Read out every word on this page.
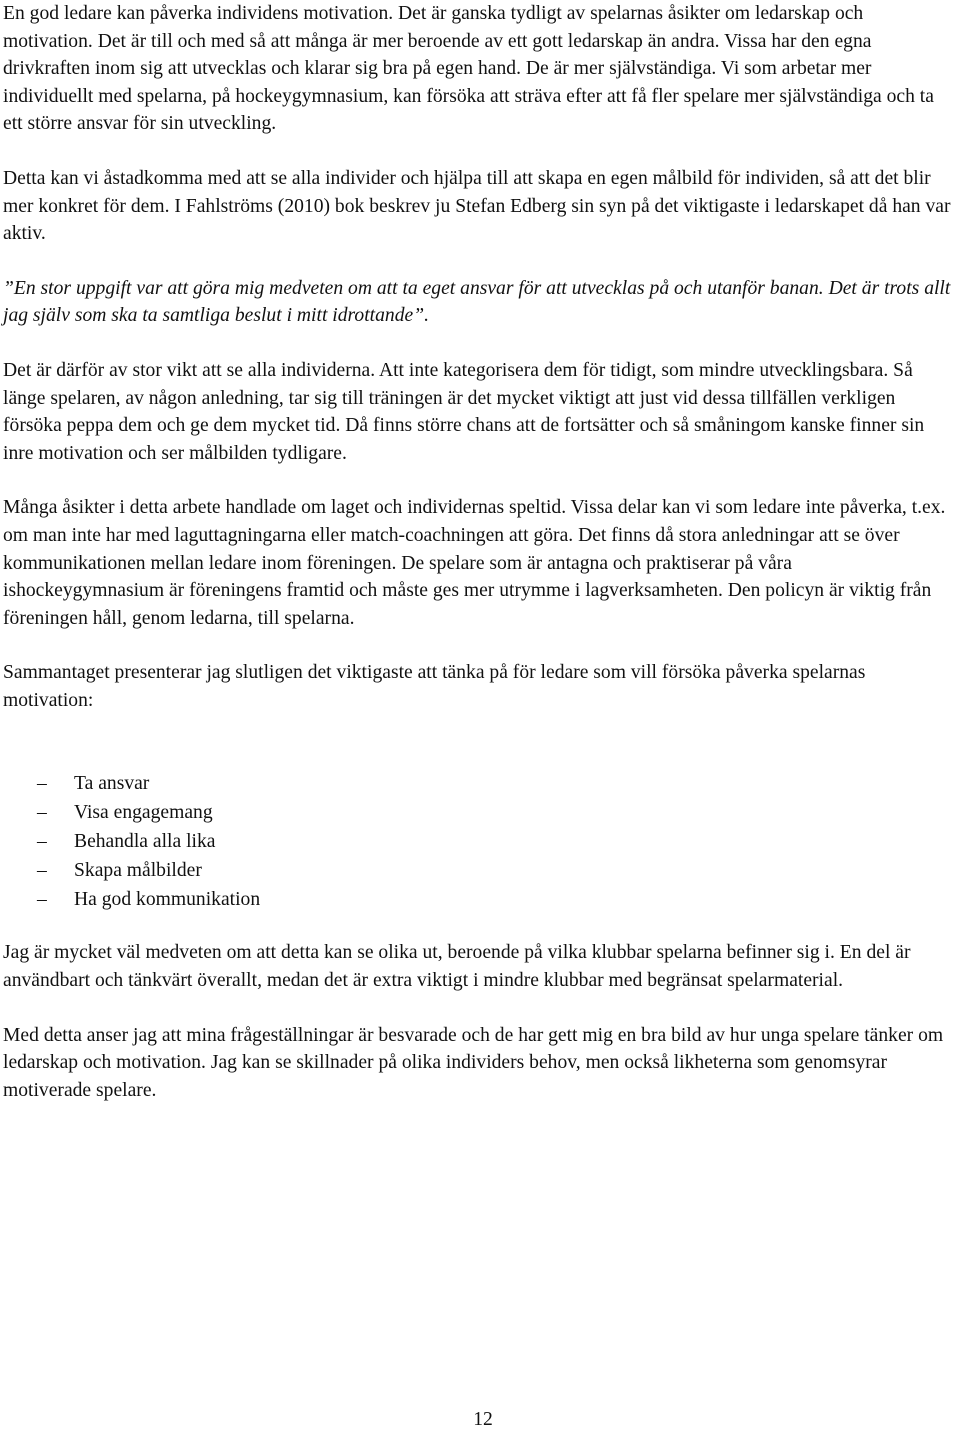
En god ledare kan påverka individens motivation. Det är ganska tydligt av spelarnas åsikter om ledarskap och motivation. Det är till och med så att många är mer beroende av ett gott ledarskap än andra. Vissa har den egna drivkraften inom sig att utvecklas och klarar sig bra på egen hand. De är mer självständiga. Vi som arbetar mer individuellt med spelarna, på hockeygymnasium, kan försöka att sträva efter att få fler spelare mer självständiga och ta ett större ansvar för sin utveckling.

Detta kan vi åstadkomma med att se alla individer och hjälpa till att skapa en egen målbild för individen, så att det blir mer konkret för dem. I Fahlströms (2010) bok beskrev ju Stefan Edberg sin syn på det viktigaste i ledarskapet då han var aktiv.

”En stor uppgift var att göra mig medveten om att ta eget ansvar för att utvecklas på och utanför banan. Det är trots allt jag själv som ska ta samtliga beslut i mitt idrottande”.

Det är därför av stor vikt att se alla individerna. Att inte kategorisera dem för tidigt, som mindre utvecklingsbara. Så länge spelaren, av någon anledning, tar sig till träningen är det mycket viktigt att just vid dessa tillfällen verkligen försöka peppa dem och ge dem mycket tid. Då finns större chans att de fortsätter och så småningom kanske finner sin inre motivation och ser målbilden tydligare.

Många åsikter i detta arbete handlade om laget och individernas speltid. Vissa delar kan vi som ledare inte påverka, t.ex. om man inte har med laguttagningarna eller match-coachningen att göra. Det finns då stora anledningar att se över kommunikationen mellan ledare inom föreningen. De spelare som är antagna och praktiserar på våra ishockeygymnasium är föreningens framtid och måste ges mer utrymme i lagverksamheten. Den policyn är viktig från föreningen håll, genom ledarna, till spelarna.

Sammantaget presenterar jag slutligen det viktigaste att tänka på för ledare som vill försöka påverka spelarnas motivation:

– Ta ansvar
– Visa engagemang
– Behandla alla lika
– Skapa målbilder
– Ha god kommunikation

Jag är mycket väl medveten om att detta kan se olika ut, beroende på vilka klubbar spelarna befinner sig i. En del är användbart och tänkvärt överallt, medan det är extra viktigt i mindre klubbar med begränsat spelarmaterial.

Med detta anser jag att mina frågeställningar är besvarade och de har gett mig en bra bild av hur unga spelare tänker om ledarskap och motivation. Jag kan se skillnader på olika individers behov, men också likheterna som genomsyrar motiverade spelare.

12
